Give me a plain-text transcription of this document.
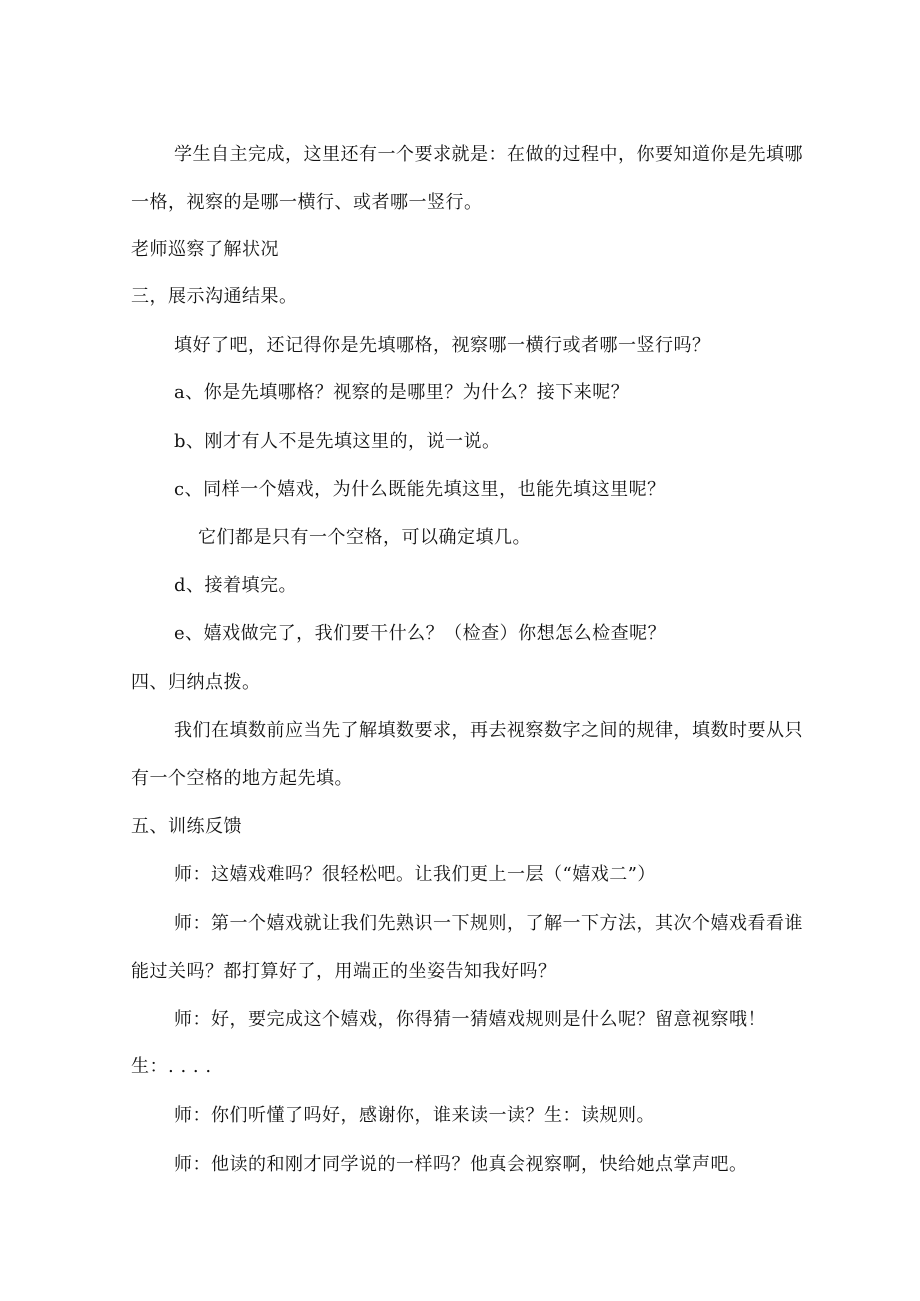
学生自主完成，这里还有一个要求就是：在做的过程中，你要知道你是先填哪
一格，视察的是哪一横行、或者哪一竖行。
老师巡察了解状况
三，展示沟通结果。
填好了吧，还记得你是先填哪格，视察哪一横行或者哪一竖行吗？
a、你是先填哪格？视察的是哪里？为什么？接下来呢？
b、刚才有人不是先填这里的，说一说。
c、同样一个嬉戏，为什么既能先填这里，也能先填这里呢？
它们都是只有一个空格，可以确定填几。
d、接着填完。
e、嬉戏做完了，我们要干什么？（检查）你想怎么检查呢？
四、归纳点拨。
我们在填数前应当先了解填数要求，再去视察数字之间的规律，填数时要从只
有一个空格的地方起先填。
五、训练反馈
师：这嬉戏难吗？很轻松吧。让我们更上一层（“嬉戏二”）
师：第一个嬉戏就让我们先熟识一下规则，了解一下方法，其次个嬉戏看看谁
能过关吗？都打算好了，用端正的坐姿告知我好吗？
师：好，要完成这个嬉戏，你得猜一猜嬉戏规则是什么呢？留意视察哦！
生：. . . .
师：你们听懂了吗好，感谢你，谁来读一读？生：读规则。
师：他读的和刚才同学说的一样吗？他真会视察啊，快给她点掌声吧。
